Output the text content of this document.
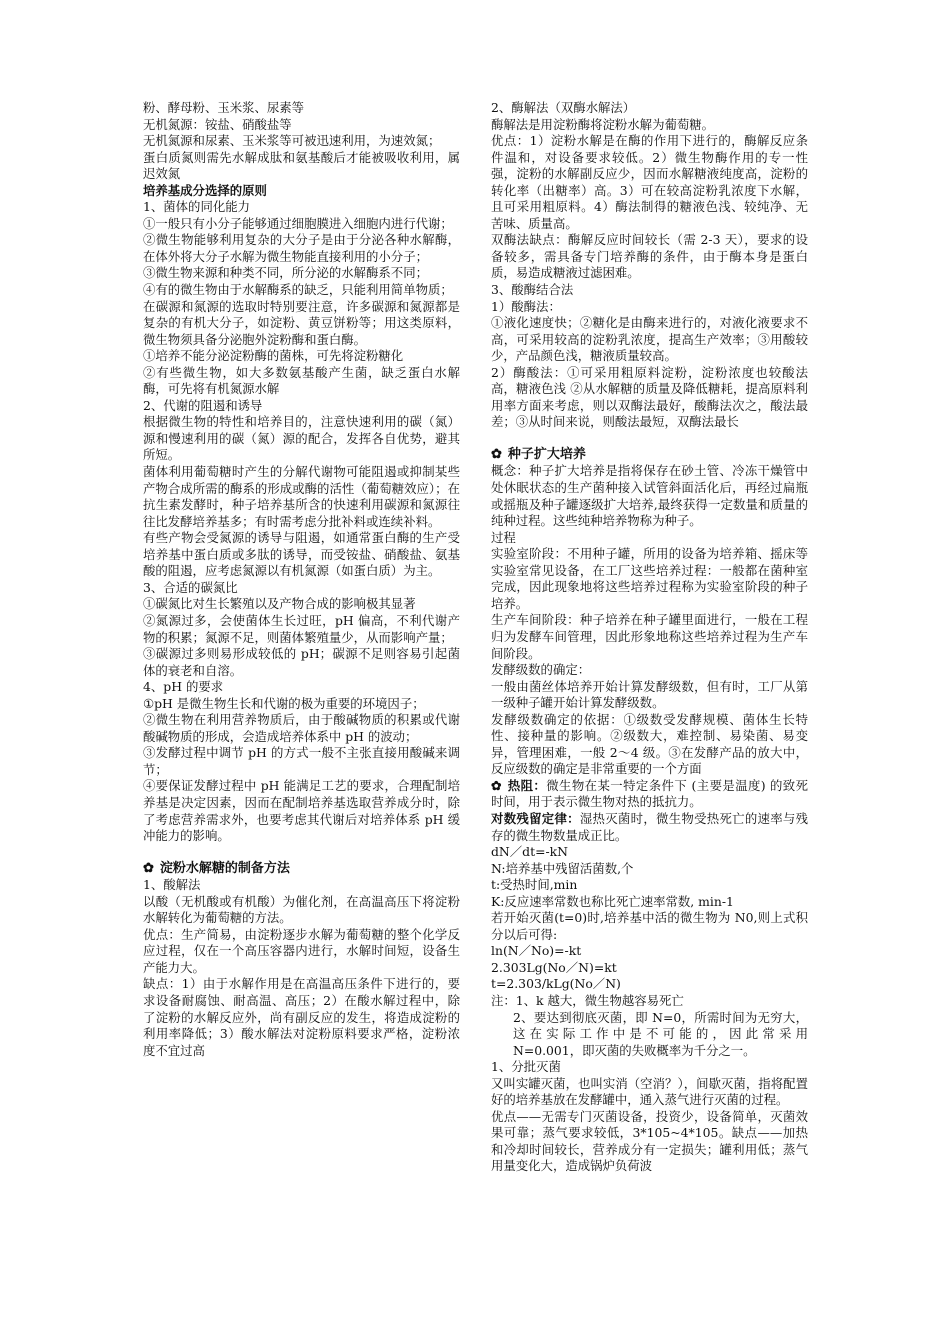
粉、酵母粉、玉米浆、尿素等

无机氮源：铵盐、硝酸盐等

无机氮源和尿素、玉米浆等可被迅速利用，为速效氮；

蛋白质氮则需先水解成肽和氨基酸后才能被吸收利用，属迟效氮

培养基成分选择的原则

1、菌体的同化能力

①一般只有小分子能够通过细胞膜进入细胞内进行代谢；

②微生物能够利用复杂的大分子是由于分泌各种水解酶，在体外将大分子水解为微生物能直接利用的小分子；

③微生物来源和种类不同，所分泌的水解酶系不同；

④有的微生物由于水解酶系的缺乏，只能利用简单物质；

在碳源和氮源的选取时特别要注意，许多碳源和氮源都是复杂的有机大分子，如淀粉、黄豆饼粉等；用这类原料，微生物须具备分泌胞外淀粉酶和蛋白酶。

①培养不能分泌淀粉酶的菌株，可先将淀粉糖化

②有些微生物，如大多数氨基酸产生菌，缺乏蛋白水解酶，可先将有机氮源水解

2、代谢的阻遏和诱导

根据微生物的特性和培养目的，注意快速利用的碳（氮）源和慢速利用的碳（氮）源的配合，发挥各自优势，避其所短。

菌体利用葡萄糖时产生的分解代谢物可能阻遏或抑制某些产物合成所需的酶系的形成或酶的活性（葡萄糖效应）；在抗生素发酵时，种子培养基所含的快速利用碳源和氮源往往比发酵培养基多；有时需考虑分批补料或连续补料。

有些产物会受氮源的诱导与阻遏，如通常蛋白酶的生产受培养基中蛋白质或多肽的诱导，而受铵盐、硝酸盐、氨基酸的阻遏，应考虑氮源以有机氮源（如蛋白质）为主。

3、合适的碳氮比

①碳氮比对生长繁殖以及产物合成的影响极其显著

②氮源过多，会使菌体生长过旺，pH 偏高，不利代谢产物的积累；氮源不足，则菌体繁殖量少，从而影响产量；

③碳源过多则易形成较低的 pH；碳源不足则容易引起菌体的衰老和自溶。

4、pH 的要求

①pH 是微生物生长和代谢的极为重要的环境因子；

②微生物在利用营养物质后，由于酸碱物质的积累或代谢酸碱物质的形成，会造成培养体系中 pH 的波动；

③发酵过程中调节 pH 的方式一般不主张直接用酸碱来调节；

④要保证发酵过程中 pH 能满足工艺的要求，合理配制培养基是决定因素，因而在配制培养基选取营养成分时，除了考虑营养需求外，也要考虑其代谢后对培养体系 pH 缓冲能力的影响。

✿ 淀粉水解糖的制备方法

1、酸解法

以酸（无机酸或有机酸）为催化剂，在高温高压下将淀粉水解转化为葡萄糖的方法。

优点：生产简易，由淀粉逐步水解为葡萄糖的整个化学反应过程，仅在一个高压容器内进行，水解时间短，设备生产能力大。

缺点：1）由于水解作用是在高温高压条件下进行的，要求设备耐腐蚀、耐高温、高压；2）在酸水解过程中，除了淀粉的水解反应外，尚有副反应的发生，将造成淀粉的利用率降低；3）酸水解法对淀粉原料要求严格，淀粉浓度不宜过高

2、酶解法（双酶水解法）

酶解法是用淀粉酶将淀粉水解为葡萄糖。

优点：1）淀粉水解是在酶的作用下进行的，酶解反应条件温和，对设备要求较低。2）微生物酶作用的专一性强，淀粉的水解副反应少，因而水解糖液纯度高，淀粉的转化率（出糖率）高。3）可在较高淀粉乳浓度下水解，且可采用粗原料。4）酶法制得的糖液色浅、较纯净、无苦味、质量高。

双酶法缺点：酶解反应时间较长（需 2-3 天），要求的设备较多，需具备专门培养酶的条件，由于酶本身是蛋白质，易造成糖液过滤困难。

3、酸酶结合法

1）酸酶法：

①液化速度快；②糖化是由酶来进行的，对液化液要求不高，可采用较高的淀粉乳浓度，提高生产效率；③用酸较少，产品颜色浅，糖液质量较高。

2）酶酸法：①可采用粗原料淀粉，淀粉浓度也较酸法高，糖液色浅 ②从水解糖的质量及降低糖耗，提高原料利用率方面来考虑，则以双酶法最好，酸酶法次之，酸法最差；③从时间来说，则酸法最短，双酶法最长

✿ 种子扩大培养

概念：种子扩大培养是指将保存在砂土管、冷冻干燥管中处休眠状态的生产菌种接入试管斜面活化后，再经过扁瓶或摇瓶及种子罐逐级扩大培养,最终获得一定数量和质量的纯种过程。这些纯种培养物称为种子。

过程

实验室阶段：不用种子罐，所用的设备为培养箱、摇床等实验室常见设备，在工厂这些培养过程：一般都在菌种室完成，因此现象地将这些培养过程称为实验室阶段的种子培养。

生产车间阶段：种子培养在种子罐里面进行，一般在工程归为发酵车间管理，因此形象地称这些培养过程为生产车间阶段。

发酵级数的确定：

一般由菌丝体培养开始计算发酵级数，但有时，工厂从第一级种子罐开始计算发酵级数。

发酵级数确定的依据：①级数受发酵规模、菌体生长特性、接种量的影响。②级数大，难控制、易染菌、易变异，管理困难，一般 2～4 级。③在发酵产品的放大中，反应级数的确定是非常重要的一个方面

✿ 热阻：微生物在某一特定条件下 (主要是温度) 的致死时间，用于表示微生物对热的抵抗力。

对数残留定律：湿热灭菌时，微生物受热死亡的速率与残存的微生物数量成正比。

dN／dt=-kN

N:培养基中残留活菌数,个

t:受热时间,min

K:反应速率常数也称比死亡速率常数, min-1

若开始灭菌(t=0)时,培养基中活的微生物为 N0,则上式积分以后可得:

ln(N／No)=-kt

2.303Lg(No／N)=kt

t=2.303/kLg(No／N)

注：1、k 越大，微生物越容易死亡

2、要达到彻底灭菌，即 N=0，所需时间为无穷大，这在实际工作中是不可能的，因此常采用 N=0.001，即灭菌的失败概率为千分之一。

1、分批灭菌

又叫实罐灭菌，也叫实消（空消？），间歇灭菌，指将配置好的培养基放在发酵罐中，通入蒸气进行灭菌的过程。

优点——无需专门灭菌设备，投资少，设备简单，灭菌效果可靠；蒸气要求较低，3*105~4*105。缺点——加热和冷却时间较长，营养成分有一定损失；罐利用低；蒸气用量变化大，造成锅炉负荷波
